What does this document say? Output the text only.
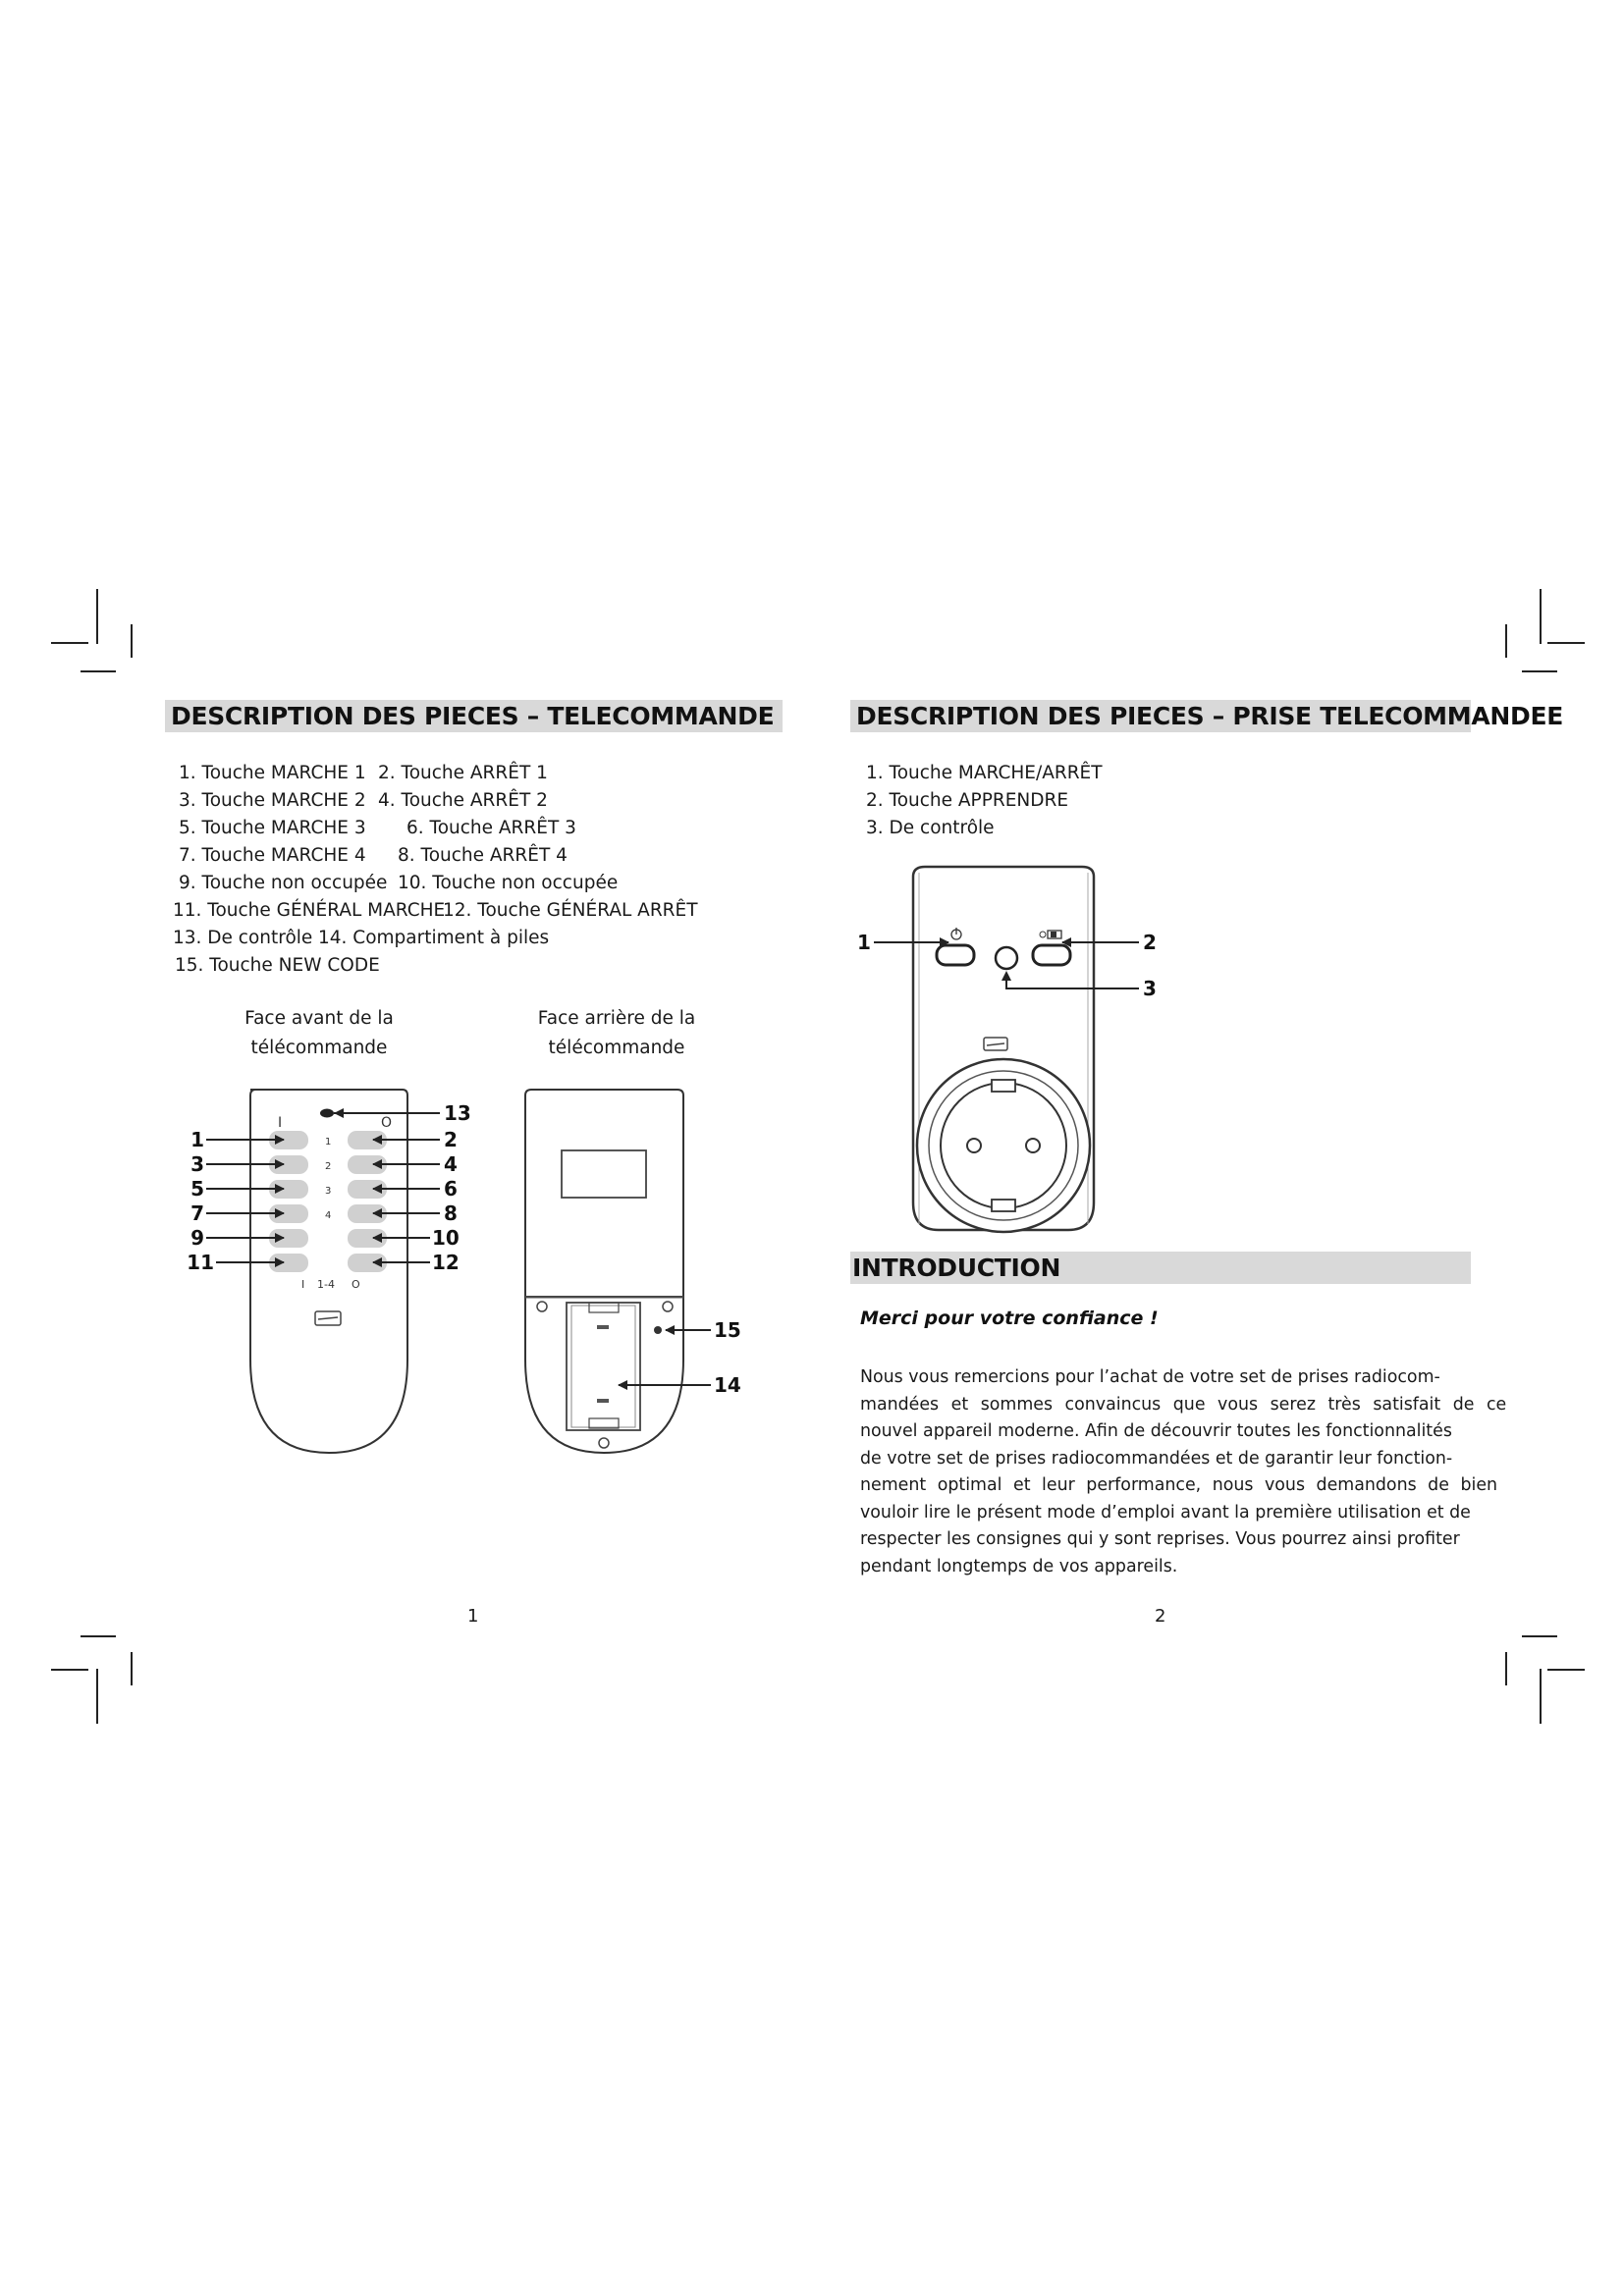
DESCRIPTION DES PIECES – TELECOMMANDE
1. Touche MARCHE 1 2. Touche ARRÊT 1
3. Touche MARCHE 2 4. Touche ARRÊT 2
5. Touche MARCHE 3 6. Touche ARRÊT 3
7. Touche MARCHE 4 8. Touche ARRÊT 4
9. Touche non occupée 10. Touche non occupée
11. Touche GÉNÉRAL MARCHE
12. Touche GÉNÉRAL ARRÊT
13. De contrôle 14. Compartiment à piles
15. Touche NEW CODE
Face avant de la
télécommande
Face arrière de la
télécommande
13
I	O
1
2
3
4
I 1-4 O
1
3
5
7
9
11
2
4
6
8
10
12
15
14
1
DESCRIPTION DES PIECES – PRISE TELECOMMANDEE
1. Touche MARCHE/ARRÊT
2. Touche APPRENDRE
3. De contrôle
1	2
3
INTRODUCTION
Merci pour votre confiance !
Nous vous remercions pour l’achat de votre set de prises radiocom-
mandées et sommes convaincus que vous serez très satisfait de ce
nouvel appareil moderne. Afin de découvrir toutes les fonctionnalités
de votre set de prises radiocommandées et de garantir leur fonction-
nement optimal et leur performance, nous vous demandons de bien
vouloir lire le présent mode d’emploi avant la première utilisation et de
respecter les consignes qui y sont reprises. Vous pourrez ainsi profiter
pendant longtemps de vos appareils.
2
